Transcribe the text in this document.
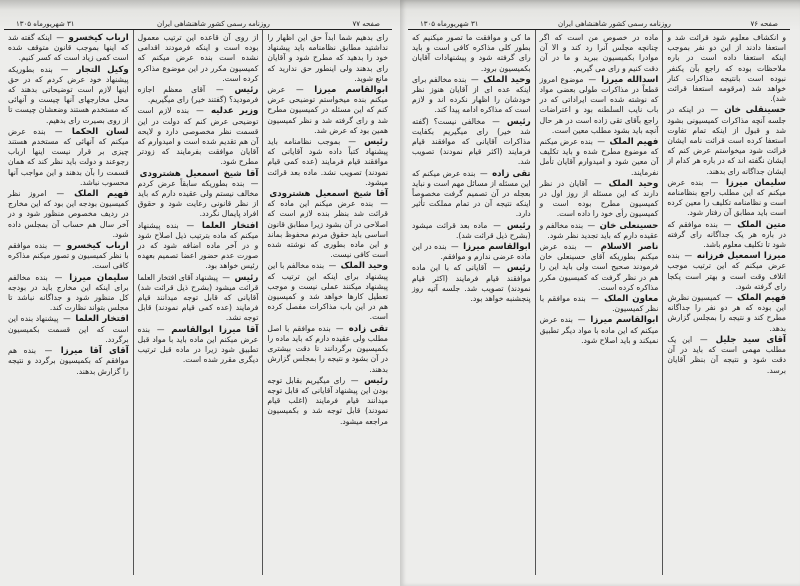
صفحه ۷۷
روزنامه رسمی کشور شاهنشاهی ایران
۳۱ شهریورماه ۱۳۰۵

رای بدهیم شما ابداً حق این اظهار را نداشتید مطابق نظامنامه باید پیشنهاد خود را بدهید که مطرح شود و آقایان رای بدهند ولی اینطور حق ندارید که مانع شوید.

ابوالقاسم میرزا — عرض میکنم بنده میخواستم توضیحی عرض کنم که این مسئله در کمیسیون مطرح شد و رای گرفته شد و نظر کمیسیون همین بود که عرض شد.

رئیس — بموجب نظامنامه باید پیشنهاد کتباً داده شود آقایانی که موافقند قیام فرمایند (عده کمی قیام نمودند) تصویب نشد. ماده بعد قرائت میشود.

آقا شیخ اسمعیل هشترودی — بنده عرض میکنم این ماده که قرائت شد بنظر بنده لازم است که اصلاحی در آن بشود زیرا مطابق قانون اساسی باید حقوق مردم محفوظ بماند و این ماده بطوری که نوشته شده است کافی نیست.

وحید الملک — بنده مخالفم با این پیشنهاد برای اینکه این ترتیب که پیشنهاد میکنند عملی نیست و موجب تعطیل کارها خواهد شد و کمیسیون هم در این باب مذاکرات مفصل کرده است.

تقی زاده — بنده موافقم با اصل مطلب ولی عقیده دارم که باید ماده را بکمیسیون برگردانند تا دقت بیشتری در آن بشود و نتیجه را بمجلس گزارش بدهند.

رئیس — رای میگیریم بقابل توجه بودن این پیشنهاد آقایانی که قابل توجه میدانند قیام فرمایند (اغلب قیام نمودند) قابل توجه شد و بکمیسیون مراجعه میشود.

از روی آن قاعده این ترتیب معمول بوده است و اینکه فرمودند اقدامی نشده است بنده عرض میکنم که کمیسیون مکرر در این موضوع مذاکره کرده است.

رئیس — آقای معظم اجازه فرمودید؟ (گفتند خیر) رای میگیریم.

وزیر عدلیه — بنده لازم است توضیحی عرض کنم که دولت در این قسمت نظر مخصوصی دارد و لایحه آن هم تقدیم شده است و امیدوارم که آقایان موافقت بفرمایند که زودتر مطرح شود.

آقا شیخ اسمعیل هشترودی — بنده بطوریکه سابقاً عرض کردم مخالف نیستم ولی عقیده دارم که باید از نظر قانونی رعایت شود و حقوق افراد پایمال نگردد.

افتخار العلما — بنده پیشنهاد میکنم که ماده بترتیب ذیل اصلاح شود و در آخر ماده اضافه شود که در صورت عدم حضور اعضا تصمیم بعهده رئیس خواهد بود.

رئیس — پیشنهاد آقای افتخار العلما قرائت میشود (بشرح ذیل قرائت شد) آقایانی که قابل توجه میدانند قیام فرمایند (عده کمی قیام نمودند) قابل توجه نشد.

آقا میرزا ابوالقاسم — بنده عرض میکنم این ماده باید با مواد قبل تطبیق شود زیرا در ماده قبل ترتیب دیگری مقرر شده است.

ارباب کیخسرو — اینکه گفته شد که اینها بموجب قانون متوقف شده است کمی زیاد است که کسر کنیم.

وکیل التجار — بنده بطوریکه پیشنهاد خود عرض کردم که در حق اینها لازم است توضیحاتی بدهند که محل مخارجهای آنها چیست و آنهائی که مستخدم هستند وضعشان چیست تا از روی بصیرت رای بدهیم.

لسان الحکما — بنده عرض میکنم که آنهائی که مستخدم هستند چیزی بر قرار نیست اینها ارباب رجوعند و دولت باید نظر کند که همان قسمت را بآن بدهند و این مواجب آنها محسوب نباشد.

فهیم الملک — امروز نظر کمیسیون بودجه این بود که این مخارج در ردیف مخصوص منظور شود و در آخر سال هم حساب آن بمجلس داده شود.

ارباب کیخسرو — بنده موافقم با نظر کمیسیون و تصور میکنم مذاکره کافی است.

سلیمان میرزا — بنده مخالفم برای اینکه این مخارج باید در بودجه کل منظور شود و جداگانه نباشد تا مجلس بتواند نظارت کند.

افتخار العلما — پیشنهاد بنده این است که این قسمت بکمیسیون برگردد.

آقای آقا میرزا — بنده هم موافقم که بکمیسیون برگردد و نتیجه را گزارش بدهند.

صفحه ۷۶
روزنامه رسمی کشور شاهنشاهی ایران
۳۱ شهریورماه ۱۳۰۵

و انکشاف معلوم شود قرائت شد و استعفا دادند از این دو نفر بموجب اینکه استعفا داده است در باره ملاحظات بوده که راجع بآن یکنفر نبوده است بانتیجه مذاکرات کنار خواهد شد (مرقومه استعفا قرائت شد).

حسینقلی خان — در اینکه در جلسه آنچه مذاکرات کمیسیونی بشود شد و قبول از اینکه تمام تفاوت استعفا کرده است قرائت نامه ایشان قرائت شود میخواستم عرض کنم که ایشان نگفته اند که در باره هر کدام از ایشان جداگانه رای بدهند.

سلیمان میرزا — بنده عرض میکنم که این مطلب راجع بنظامنامه است و نظامنامه تکلیف را معین کرده است باید مطابق آن رفتار شود.

متین الملک — بنده موافقم که در باره هر یک جداگانه رای گرفته شود تا تکلیف معلوم باشد.

میرزا اسمعیل فرزانه — بنده عرض میکنم که این ترتیب موجب اتلاف وقت است و بهتر است یکجا رای گرفته شود.

فهیم الملک — کمیسیون نظرش این بوده که هر دو نفر را جداگانه مطرح کند و نتیجه را بمجلس گزارش بدهد.

آقای سید جلیل — این یک مطلب مهمی است که باید در آن دقت شود و نتیجه آن بنظر آقایان برسد.

ماده در خصوص من است که اگر چنانچه مجلس آنرا رد کند و الا آن موادرا بکمیسیون ببرید و ما در آن دقت کنیم و رای می گیریم.

اسدالله میرزا — موضوع امروز قطعاً در مذاکرات طولی بعضی مواد که نوشته شده است ایراداتی که در باب نایب السلطنه بود و اعتراضات راجع بآقای تقی زاده است در هر حال آنچه باید بشود مطلب معین است.

فهیم الملک — بنده عرض میکنم که موضوع مطرح شده و باید تکلیف آن معین شود و امیدوارم آقایان تأمل نفرمایند.

وحید الملک — آقایان در نظر دارند که این مسئله از روز اول در کمیسیون مطرح بوده است و کمیسیون رأی خود را داده است.

حسینعلی خان — بنده مخالفم و عقیده دارم که باید تجدید نظر شود.

ناصر الاسلام — بنده عرض میکنم بطوریکه آقای حسینعلی خان فرمودند صحیح است ولی باید این را هم در نظر گرفت که کمیسیون مکرر مذاکره کرده است.

معاون الملک — بنده موافقم با نظر کمیسیون.

ابوالقاسم میرزا — بنده عرض میکنم که این ماده با مواد دیگر تطبیق نمیکند و باید اصلاح شود.

ما کی و موافقت ما تصور میکنیم که بطور کلی مذاکره کافی است و باید رای گرفته شود و پیشنهادات آقایان بکمیسیون برود.

وحید الملک — بنده مخالفم برای اینکه عده ای از آقایان هنوز نظر خودشان را اظهار نکرده اند و لازم است که مذاکره ادامه پیدا کند.

رئیس — مخالفی نیست؟ (گفته شد خیر) رای میگیریم بکفایت مذاکرات آقایانی که موافقند قیام فرمایند (اکثر قیام نمودند) تصویب شد.

تقی زاده — بنده عرض میکنم که این مسئله از مسائل مهم است و نباید بعجله در آن تصمیم گرفت مخصوصاً اینکه نتیجه آن در تمام مملکت تأثیر دارد.

رئیس — ماده بعد قرائت میشود (بشرح ذیل قرائت شد).

ابوالقاسم میرزا — بنده در این ماده عرضی ندارم و موافقم.

رئیس — آقایانی که با این ماده موافقند قیام فرمایند (اکثر قیام نمودند) تصویب شد. جلسه آتیه روز پنجشنبه خواهد بود.
